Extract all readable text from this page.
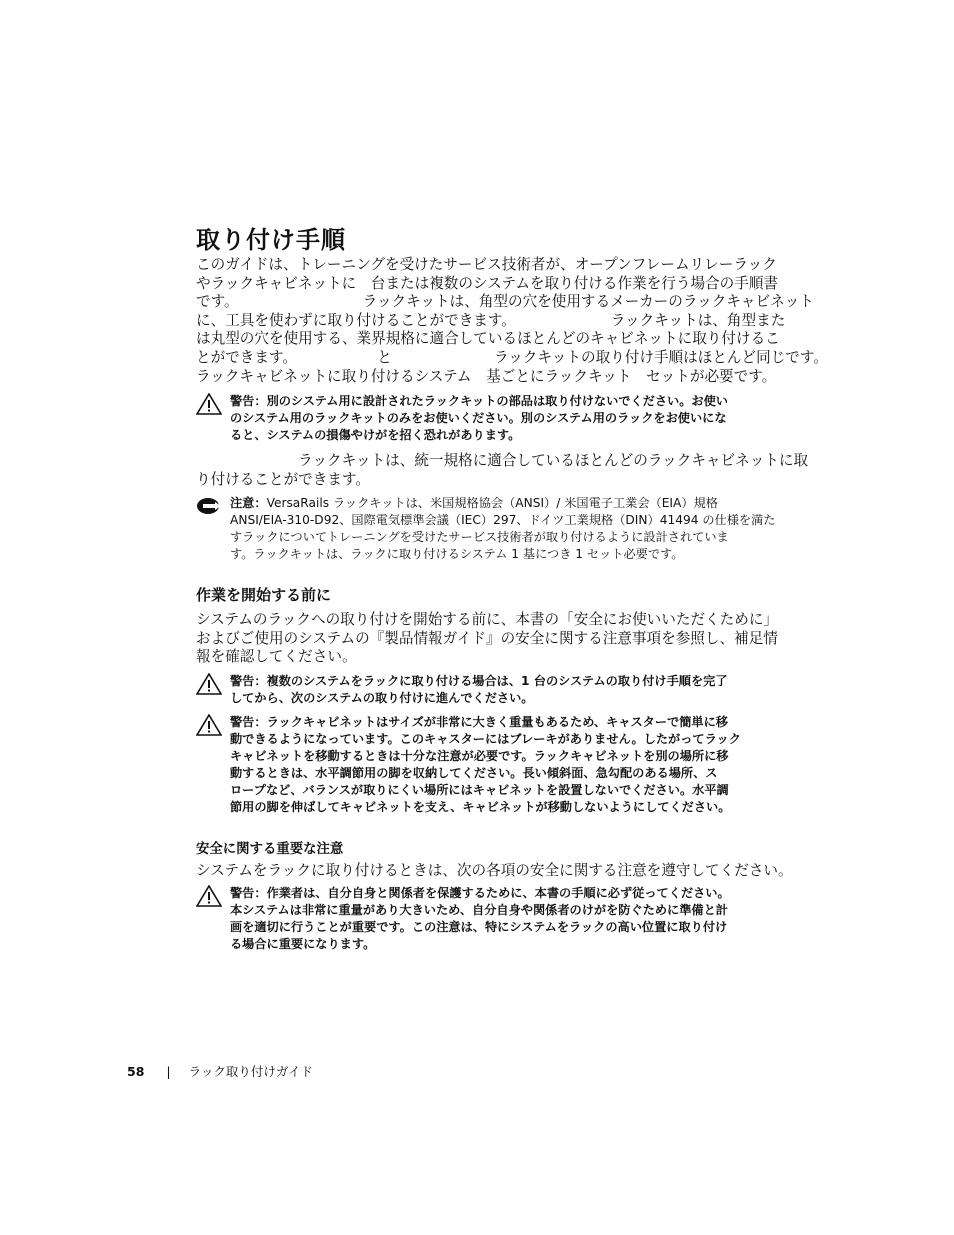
取り付け手順

このガイドは、トレーニングを受けたサービス技術者が、オープンフレームリレーラック
やラックキャビネットに　台または複数のシステムを取り付ける作業を行う場合の手順書
です。　　　　　　　　　ラックキットは、角型の穴を使用するメーカーのラックキャビネット
に、工具を使わずに取り付けることができます。　　　　　　　ラックキットは、角型また
は丸型の穴を使用する、業界規格に適合しているほとんどのキャビネットに取り付けるこ
とができます。　　　　　　と　　　　　　　ラックキットの取り付け手順はほとんど同じです。
ラックキャビネットに取り付けるシステム　基ごとにラックキット　セットが必要です。

警告：別のシステム用に設計されたラックキットの部品は取り付けないでください。お使い
のシステム用のラックキットのみをお使いください。別のシステム用のラックをお使いにな
ると、システムの損傷やけがを招く恐れがあります。

　　　　　　　ラックキットは、統一規格に適合しているほとんどのラックキャビネットに取
り付けることができます。

注意：VersaRails ラックキットは、米国規格協会（ANSI）/ 米国電子工業会（EIA）規格
ANSI/EIA-310-D92、国際電気標準会議（IEC）297、ドイツ工業規格（DIN）41494 の仕様を満た
すラックについてトレーニングを受けたサービス技術者が取り付けるように設計されていま
す。ラックキットは、ラックに取り付けるシステム 1 基につき 1 セット必要です。
作業を開始する前に

システムのラックへの取り付けを開始する前に、本書の「安全にお使いいただくために」
およびご使用のシステムの『製品情報ガイド』の安全に関する注意事項を参照し、補足情
報を確認してください。

警告：複数のシステムをラックに取り付ける場合は、1 台のシステムの取り付け手順を完了
してから、次のシステムの取り付けに進んでください。
警告：ラックキャビネットはサイズが非常に大きく重量もあるため、キャスターで簡単に移
動できるようになっています。このキャスターにはブレーキがありません。したがってラック
キャビネットを移動するときは十分な注意が必要です。ラックキャビネットを別の場所に移
動するときは、水平調節用の脚を収納してください。長い傾斜面、急勾配のある場所、ス
ロープなど、バランスが取りにくい場所にはキャビネットを設置しないでください。水平調
節用の脚を伸ばしてキャビネットを支え、キャビネットが移動しないようにしてください。
安全に関する重要な注意

システムをラックに取り付けるときは、次の各項の安全に関する注意を遵守してください。

警告：作業者は、自分自身と関係者を保護するために、本書の手順に必ず従ってください。
本システムは非常に重量があり大きいため、自分自身や関係者のけがを防ぐために準備と計
画を適切に行うことが重要です。この注意は、特にシステムをラックの高い位置に取り付け
る場合に重要になります。
58 | ラック取り付けガイド
